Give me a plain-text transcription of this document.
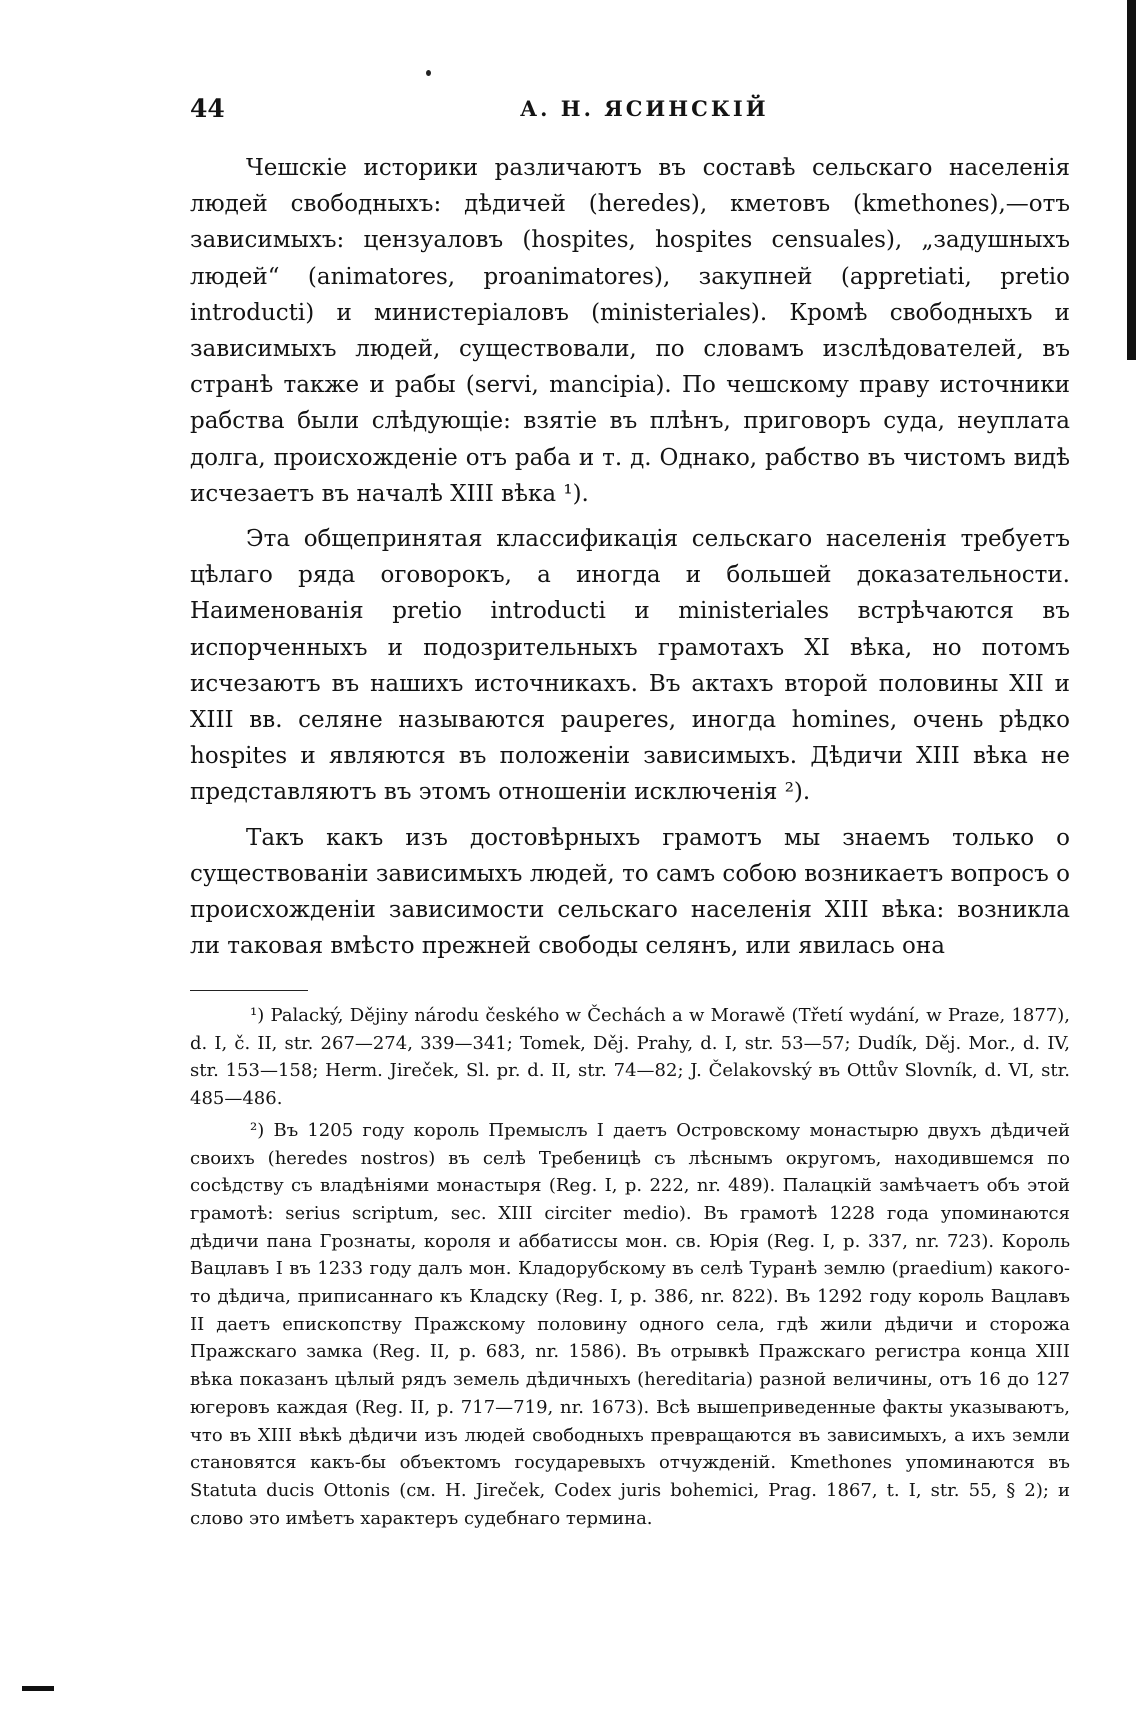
44	А. Н. ЯСИНСКІЙ

Чешскіе историки различаютъ въ составѣ сельскаго населенія людей свободныхъ: дѣдичей (heredes), кметовъ (kmethones),—отъ зависимыхъ: цензуаловъ (hospites, hospites censuales), „задушныхъ людей“ (animatores, proanimatores), закупней (appretiati, pretio introducti) и министеріаловъ (ministeriales). Кромѣ свободныхъ и зависимыхъ людей, существовали, по словамъ изслѣдователей, въ странѣ также и рабы (servi, mancipia). По чешскому праву источники рабства были слѣдующіе: взятіе въ плѣнъ, приговоръ суда, неуплата долга, происхожденіе отъ раба и т. д. Однако, рабство въ чистомъ видѣ исчезаетъ въ началѣ XIII вѣка ¹).

Эта общепринятая классификація сельскаго населенія требуетъ цѣлаго ряда оговорокъ, а иногда и большей доказательности. Наименованія pretio introducti и ministeriales встрѣчаются въ испорченныхъ и подозрительныхъ грамотахъ XI вѣка, но потомъ исчезаютъ въ нашихъ источникахъ. Въ актахъ второй половины XII и XIII вв. селяне называются pauperes, иногда homines, очень рѣдко hospites и являются въ положеніи зависимыхъ. Дѣдичи XIII вѣка не представляютъ въ этомъ отношеніи исключенія ²).

Такъ какъ изъ достовѣрныхъ грамотъ мы знаемъ только о существованіи зависимыхъ людей, то самъ собою возникаетъ вопросъ о происхожденіи зависимости сельскаго населенія XIII вѣка: возникла ли таковая вмѣсто прежней свободы селянъ, или явилась она

¹) Palacký, Dějiny národu českého w Čechách a w Morawě (Třetí wydání, w Praze, 1877), d. I, č. II, str. 267—274, 339—341; Tomek, Děj. Prahy, d. I, str. 53—57; Dudík, Děj. Mor., d. IV, str. 153—158; Herm. Jireček, Sl. pr. d. II, str. 74—82; J. Čelakovský въ Ottův Slovník, d. VI, str. 485—486.

²) Въ 1205 году король Премыслъ I даетъ Островскому монастырю двухъ дѣдичей своихъ (heredes nostros) въ селѣ Требеницѣ съ лѣснымъ округомъ, находившемся по сосѣдству съ владѣніями монастыря (Reg. I, p. 222, nr. 489). Палацкій замѣчаетъ объ этой грамотѣ: serius scriptum, sec. XIII circiter medio). Въ грамотѣ 1228 года упоминаются дѣдичи пана Грознаты, короля и аббатиссы мон. св. Юрія (Reg. I, p. 337, nr. 723). Король Вацлавъ I въ 1233 году далъ мон. Кладорубскому въ селѣ Туранѣ землю (praedium) какого-то дѣдича, приписаннаго къ Кладску (Reg. I, p. 386, nr. 822). Въ 1292 году король Вацлавъ II даетъ епископству Пражскому половину одного села, гдѣ жили дѣдичи и сторожа Пражскаго замка (Reg. II, p. 683, nr. 1586). Въ отрывкѣ Пражскаго регистра конца XIII вѣка показанъ цѣлый рядъ земель дѣдичныхъ (hereditaria) разной величины, отъ 16 до 127 югеровъ каждая (Reg. II, p. 717—719, nr. 1673). Всѣ вышеприведенные факты указываютъ, что въ XIII вѣкѣ дѣдичи изъ людей свободныхъ превращаются въ зависимыхъ, а ихъ земли становятся какъ-бы объектомъ государевыхъ отчужденій. Kmethones упоминаются въ Statuta ducis Ottonis (см. H. Jireček, Codex juris bohemici, Prag. 1867, t. I, str. 55, § 2); и слово это имѣетъ характеръ судебнаго термина.
